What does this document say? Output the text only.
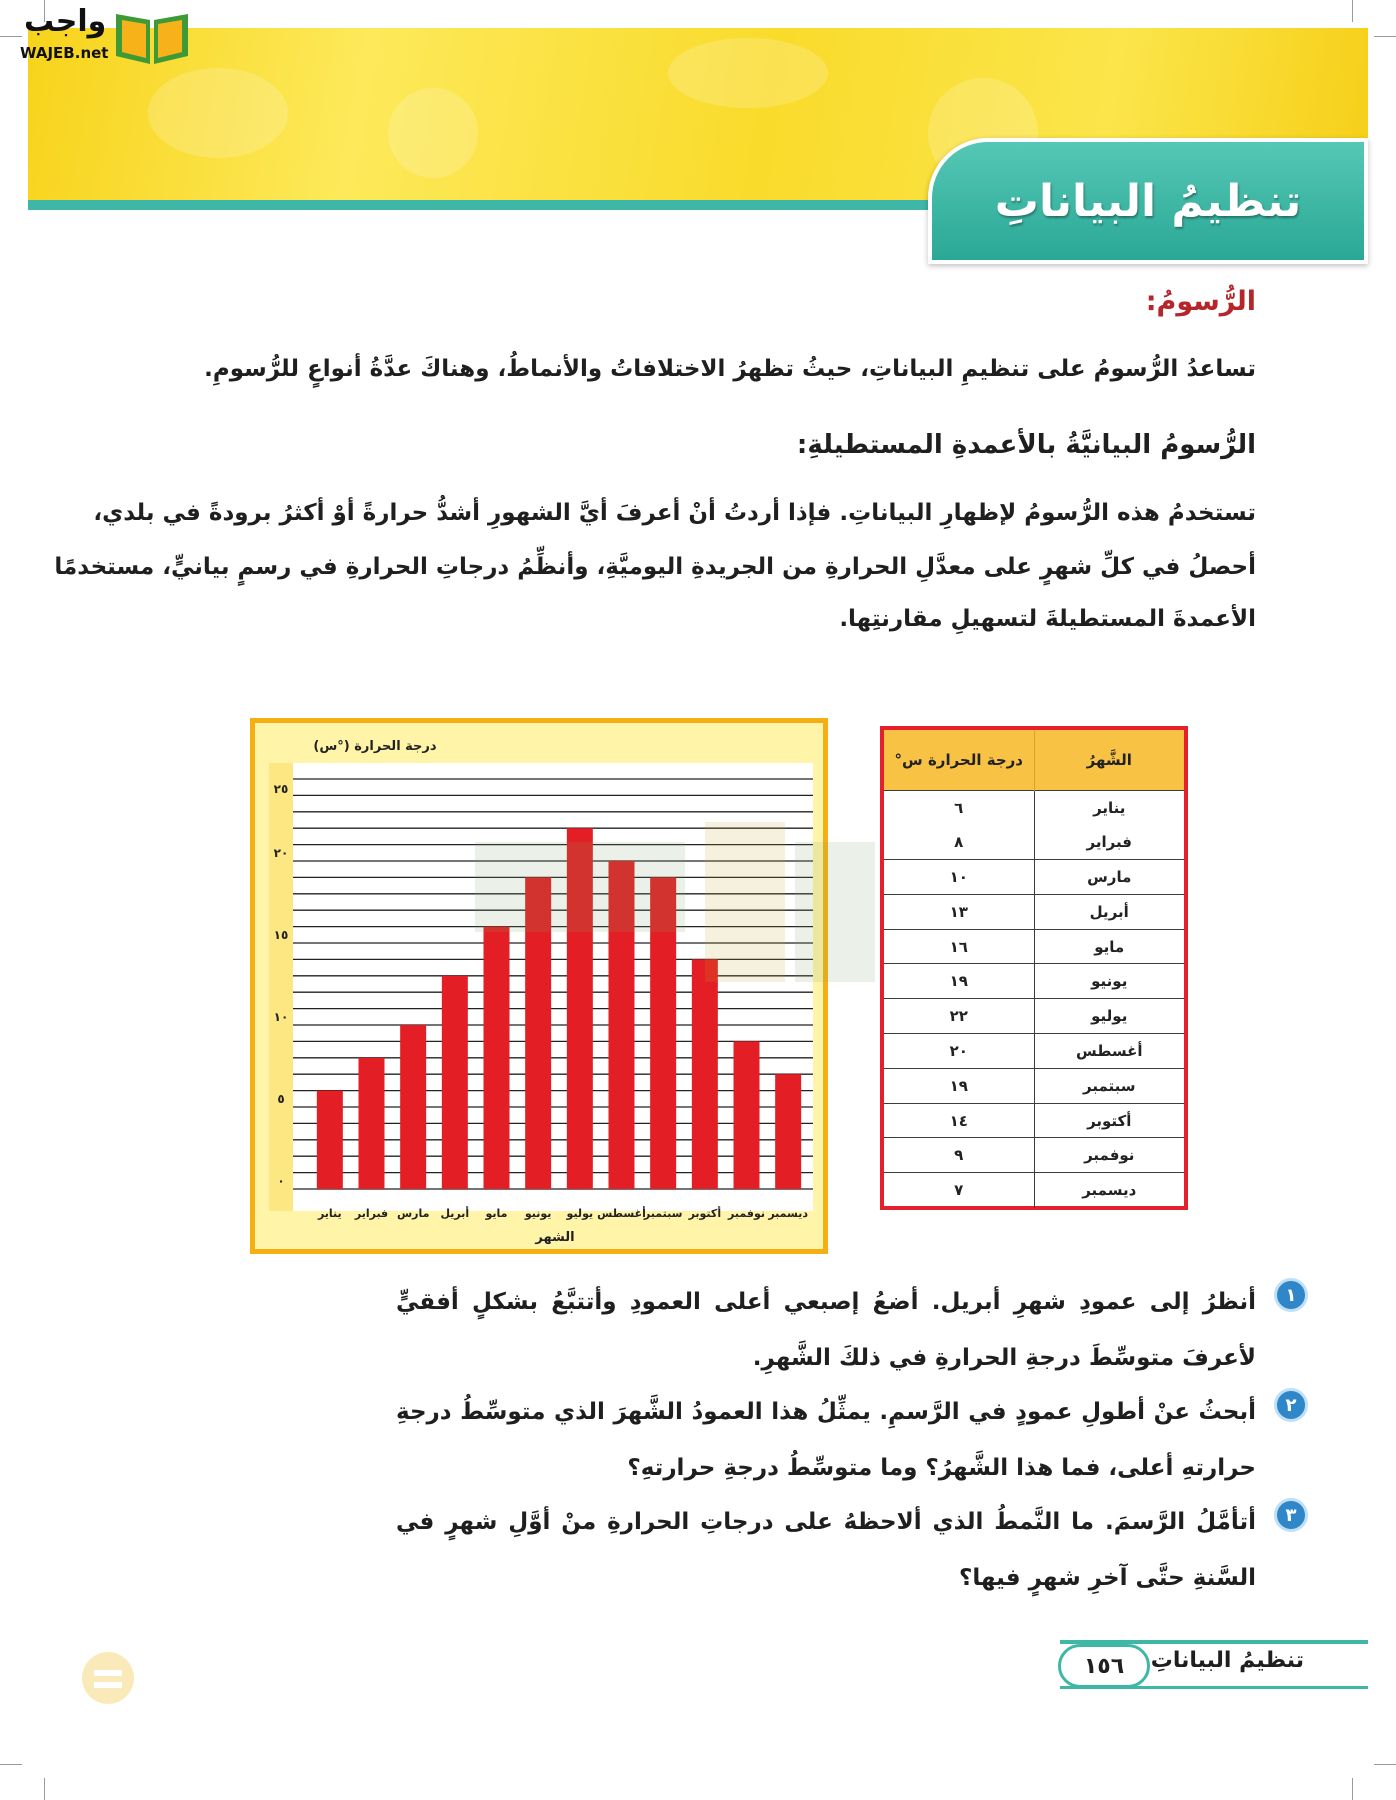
تنظيمُ البياناتِ
واجب
WAJEB.net
الرُّسومُ:
تساعدُ الرُّسومُ على تنظيمِ البياناتِ، حيثُ تظهرُ الاختلافاتُ والأنماطُ، وهناكَ عدَّةُ أنواعٍ للرُّسومِ.
الرُّسومُ البيانيَّةُ بالأعمدةِ المستطيلةِ:
تستخدمُ هذه الرُّسومُ لإظهارِ البياناتِ. فإذا أردتُ أنْ أعرفَ أيَّ الشهورِ أشدُّ حرارةً أوْ أكثرُ برودةً في بلدي،
أحصلُ في كلِّ شهرٍ على معدَّلِ الحرارةِ من الجريدةِ اليوميَّةِ، وأنظِّمُ درجاتِ الحرارةِ في رسمٍ بيانيٍّ، مستخدمًا
الأعمدةَ المستطيلةَ لتسهيلِ مقارنتِها.
٠
٥
١٠
١٥
٢٠
٢٥
درجة الحرارة (°س)
يناير فبراير مارس أبريل مايو يونيو يوليو أغسطس
سبتمبر أكتوبر نوفمبر ديسمبر
الشهر
الشَّهرُ	درجة الحرارة س°
يناير	٦
فبراير	٨
مارس	١٠
أبريل	١٣
مايو	١٦
يونيو	١٩
يوليو	٢٢
أغسطس	٢٠
سبتمبر	١٩
أكتوبر	١٤
نوفمبر	٩
ديسمبر	٧
١

أنظرُ إلى عمودِ شهرِ أبريل. أضعُ إصبعي أعلى العمودِ وأتتبَّعُ بشكلٍ أفقيٍّ لأعرفَ متوسِّطَ درجةِ الحرارةِ في ذلكَ الشَّهرِ.

٢

أبحثُ عنْ أطولِ عمودٍ في الرَّسمِ. يمثِّلُ هذا العمودُ الشَّهرَ الذي متوسِّطُ درجةِ حرارتهِ أعلى، فما هذا الشَّهرُ؟ وما متوسِّطُ درجةِ حرارتهِ؟

٣

أتأمَّلُ الرَّسمَ. ما النَّمطُ الذي ألاحظهُ على درجاتِ الحرارةِ منْ أوَّلِ شهرٍ في السَّنةِ حتَّى آخرِ شهرٍ فيها؟

تنظيمُ البياناتِ
١٥٦
